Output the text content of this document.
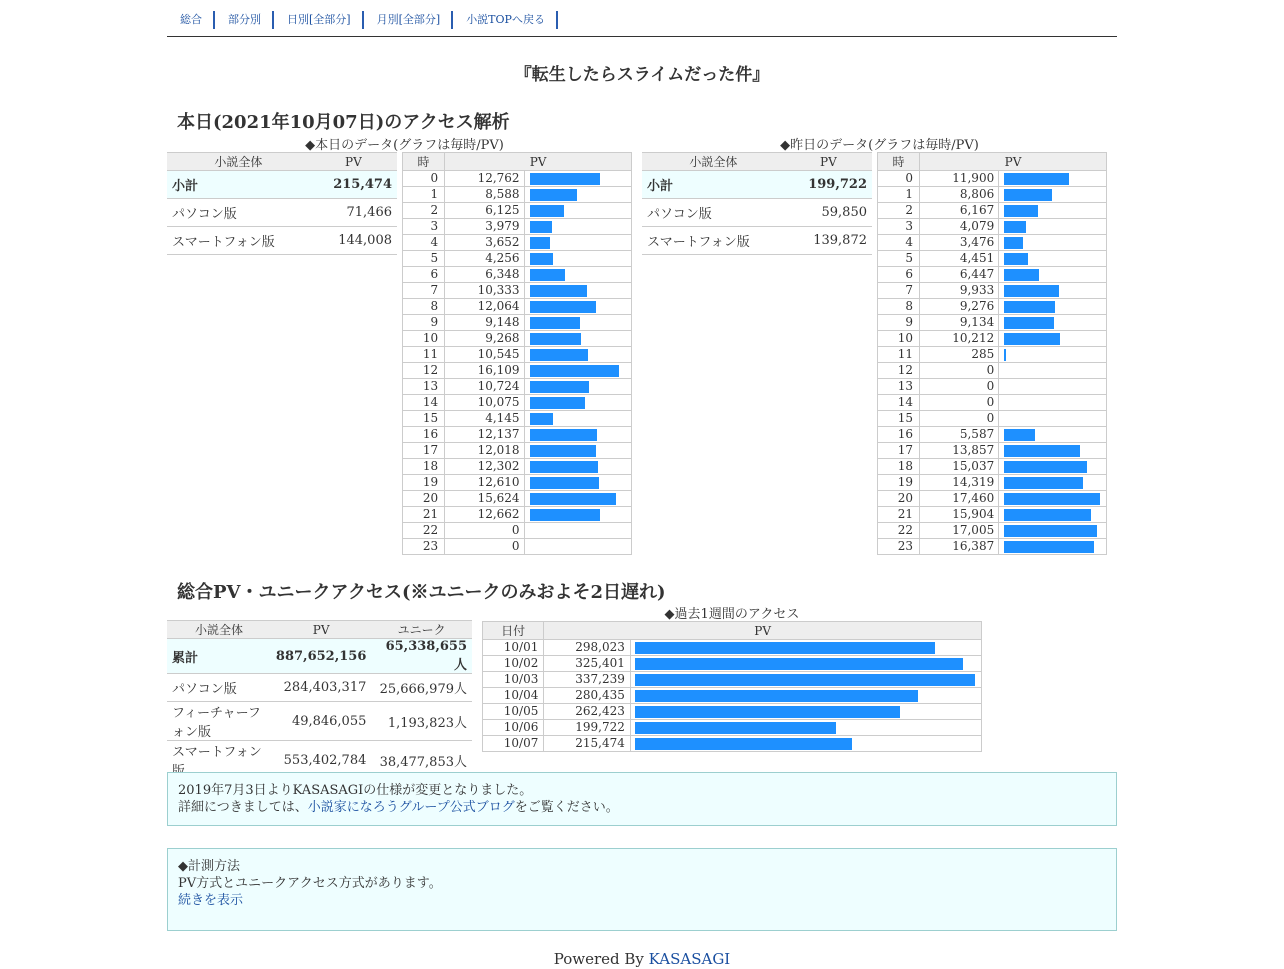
総合	部分別	日別[全部分]	月別[全部分]	小説TOPへ戻る
『転生したらスライムだった件』
本日(2021年10月07日)のアクセス解析
◆本日のデータ(グラフは毎時/PV)	◆昨日のデータ(グラフは毎時/PV)
小説全体	PV
小計	215,474
パソコン版	71,466
スマートフォン版	144,008
時	PV	
0	12,762	

1	8,588	

2	6,125	

3	3,979	

4	3,652	

5	4,256	

6	6,348	

7	10,333	

8	12,064	

9	9,148	

10	9,268	

11	10,545	

12	16,109	

13	10,724	

14	10,075	

15	4,145	

16	12,137	

17	12,018	

18	12,302	

19	12,610	

20	15,624	

21	12,662	

22	0	
23	0	
小説全体	PV
小計	199,722
パソコン版	59,850
スマートフォン版	139,872
時	PV	
0	11,900	

1	8,806	

2	6,167	

3	4,079	

4	3,476	

5	4,451	

6	6,447	

7	9,933	

8	9,276	

9	9,134	

10	10,212	

11	285	

12	0	
13	0	
14	0	
15	0	
16	5,587	

17	13,857	

18	15,037	

19	14,319	

20	17,460	

21	15,904	

22	17,005	

23	16,387	
総合PV・ユニークアクセス(※ユニークのみおよそ2日遅れ)
小説全体	PV	ユニーク
累計	887,652,156	65,338,655人
パソコン版	284,403,317	25,666,979人
フィーチャーフォン版	49,846,055	1,193,823人
スマートフォン	553,402,784	38,477,853人
◆過去1週間のアクセス
日付	PV	
10/01	298,023	

10/02	325,401	

10/03	337,239	

10/04	280,435	

10/05	262,423	

10/06	199,722	

10/07	215,474	
2019年7月3日よりKASASAGIの仕様が変更となりました。
詳細につきましては、小説家になろうグループ公式ブログをご覧ください。
◆計測方法
PV方式とユニークアクセス方式があります。
続きを表示
Powered By KASASAGI
